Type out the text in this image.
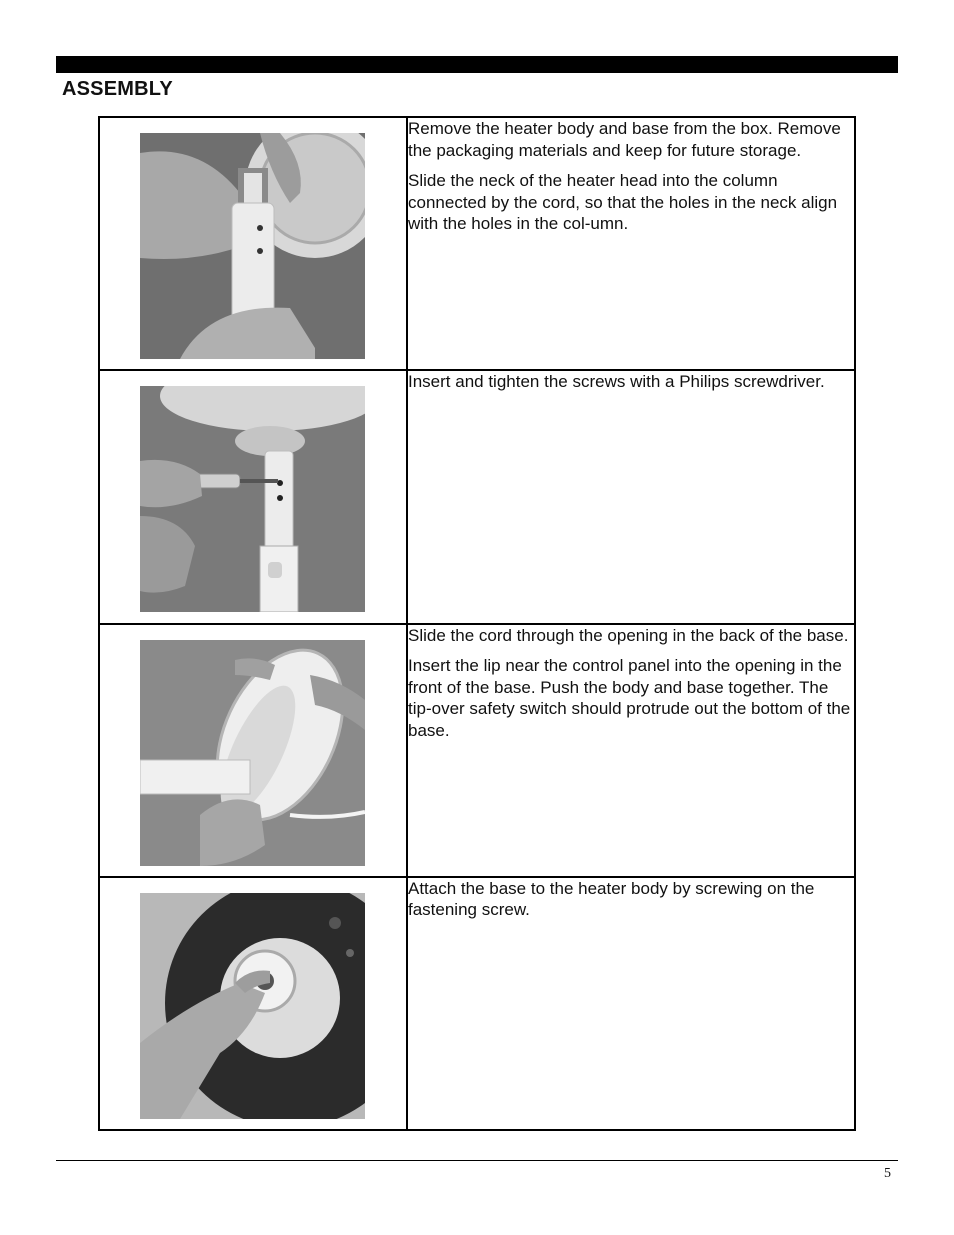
ASSEMBLY

Remove the heater body and base from the box. Remove the packaging materials and keep for future storage.

Slide the neck of the heater head into the column connected by the cord, so that the holes in the neck align with the holes in the col-umn.

Insert and tighten the screws with a Philips screwdriver.

Slide the cord through the opening in the back of the base.

Insert the lip near the control panel into the opening in the front of the base. Push the body and base together. The tip-over safety switch should protrude out the bottom of the base.

Attach the base to the heater body by screwing on the fastening screw.

5
